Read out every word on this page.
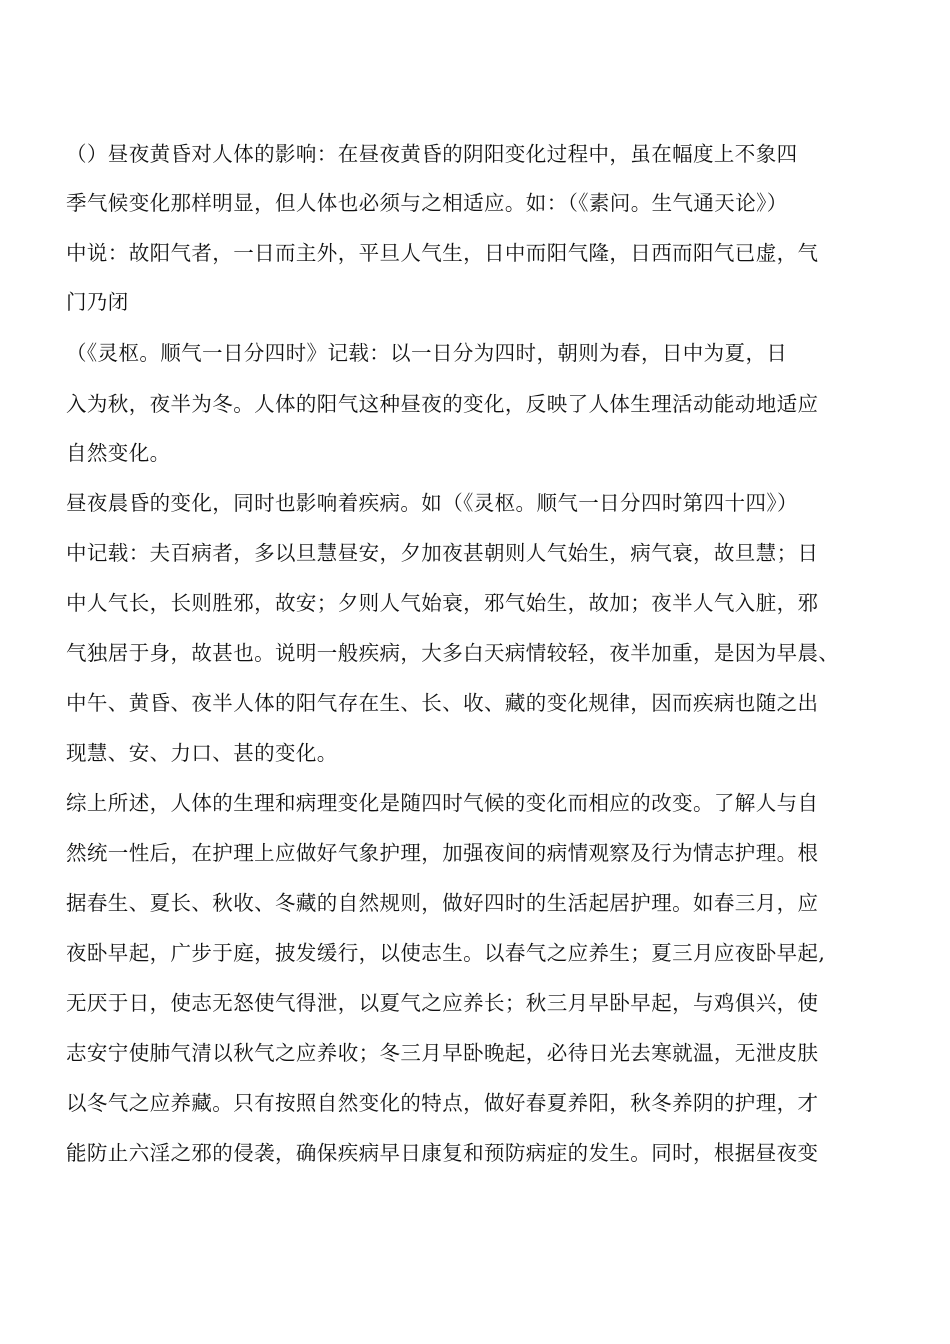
（）昼夜黄昏对人体的影响：在昼夜黄昏的阴阳变化过程中，虽在幅度上不象四
季气候变化那样明显，但人体也必须与之相适应。如：（《素问。生气通天论》）
中说：故阳气者，一日而主外，平旦人气生，日中而阳气隆，日西而阳气已虚，气
门乃闭
（《灵枢。顺气一日分四时》记载：以一日分为四时，朝则为春，日中为夏，日
入为秋，夜半为冬。人体的阳气这种昼夜的变化，反映了人体生理活动能动地适应
自然变化。
昼夜晨昏的变化，同时也影响着疾病。如（《灵枢。顺气一日分四时第四十四》）
中记载：夫百病者，多以旦慧昼安，夕加夜甚朝则人气始生，病气衰，故旦慧；日
中人气长，长则胜邪，故安；夕则人气始衰，邪气始生，故加；夜半人气入脏，邪
气独居于身，故甚也。说明一般疾病，大多白天病情较轻，夜半加重，是因为早晨、
中午、黄昏、夜半人体的阳气存在生、长、收、藏的变化规律，因而疾病也随之出
现慧、安、力口、甚的变化。
综上所述，人体的生理和病理变化是随四时气候的变化而相应的改变。了解人与自
然统一性后，在护理上应做好气象护理，加强夜间的病情观察及行为情志护理。根
据春生、夏长、秋收、冬藏的自然规则，做好四时的生活起居护理。如春三月，应
夜卧早起，广步于庭，披发缓行，以使志生。以春气之应养生；夏三月应夜卧早起,
无厌于日，使志无怒使气得泄，以夏气之应养长；秋三月早卧早起，与鸡俱兴，使
志安宁使肺气清以秋气之应养收；冬三月早卧晚起，必待日光去寒就温，无泄皮肤
以冬气之应养藏。只有按照自然变化的特点，做好春夏养阳，秋冬养阴的护理，才
能防止六淫之邪的侵袭，确保疾病早日康复和预防病症的发生。同时，根据昼夜变
